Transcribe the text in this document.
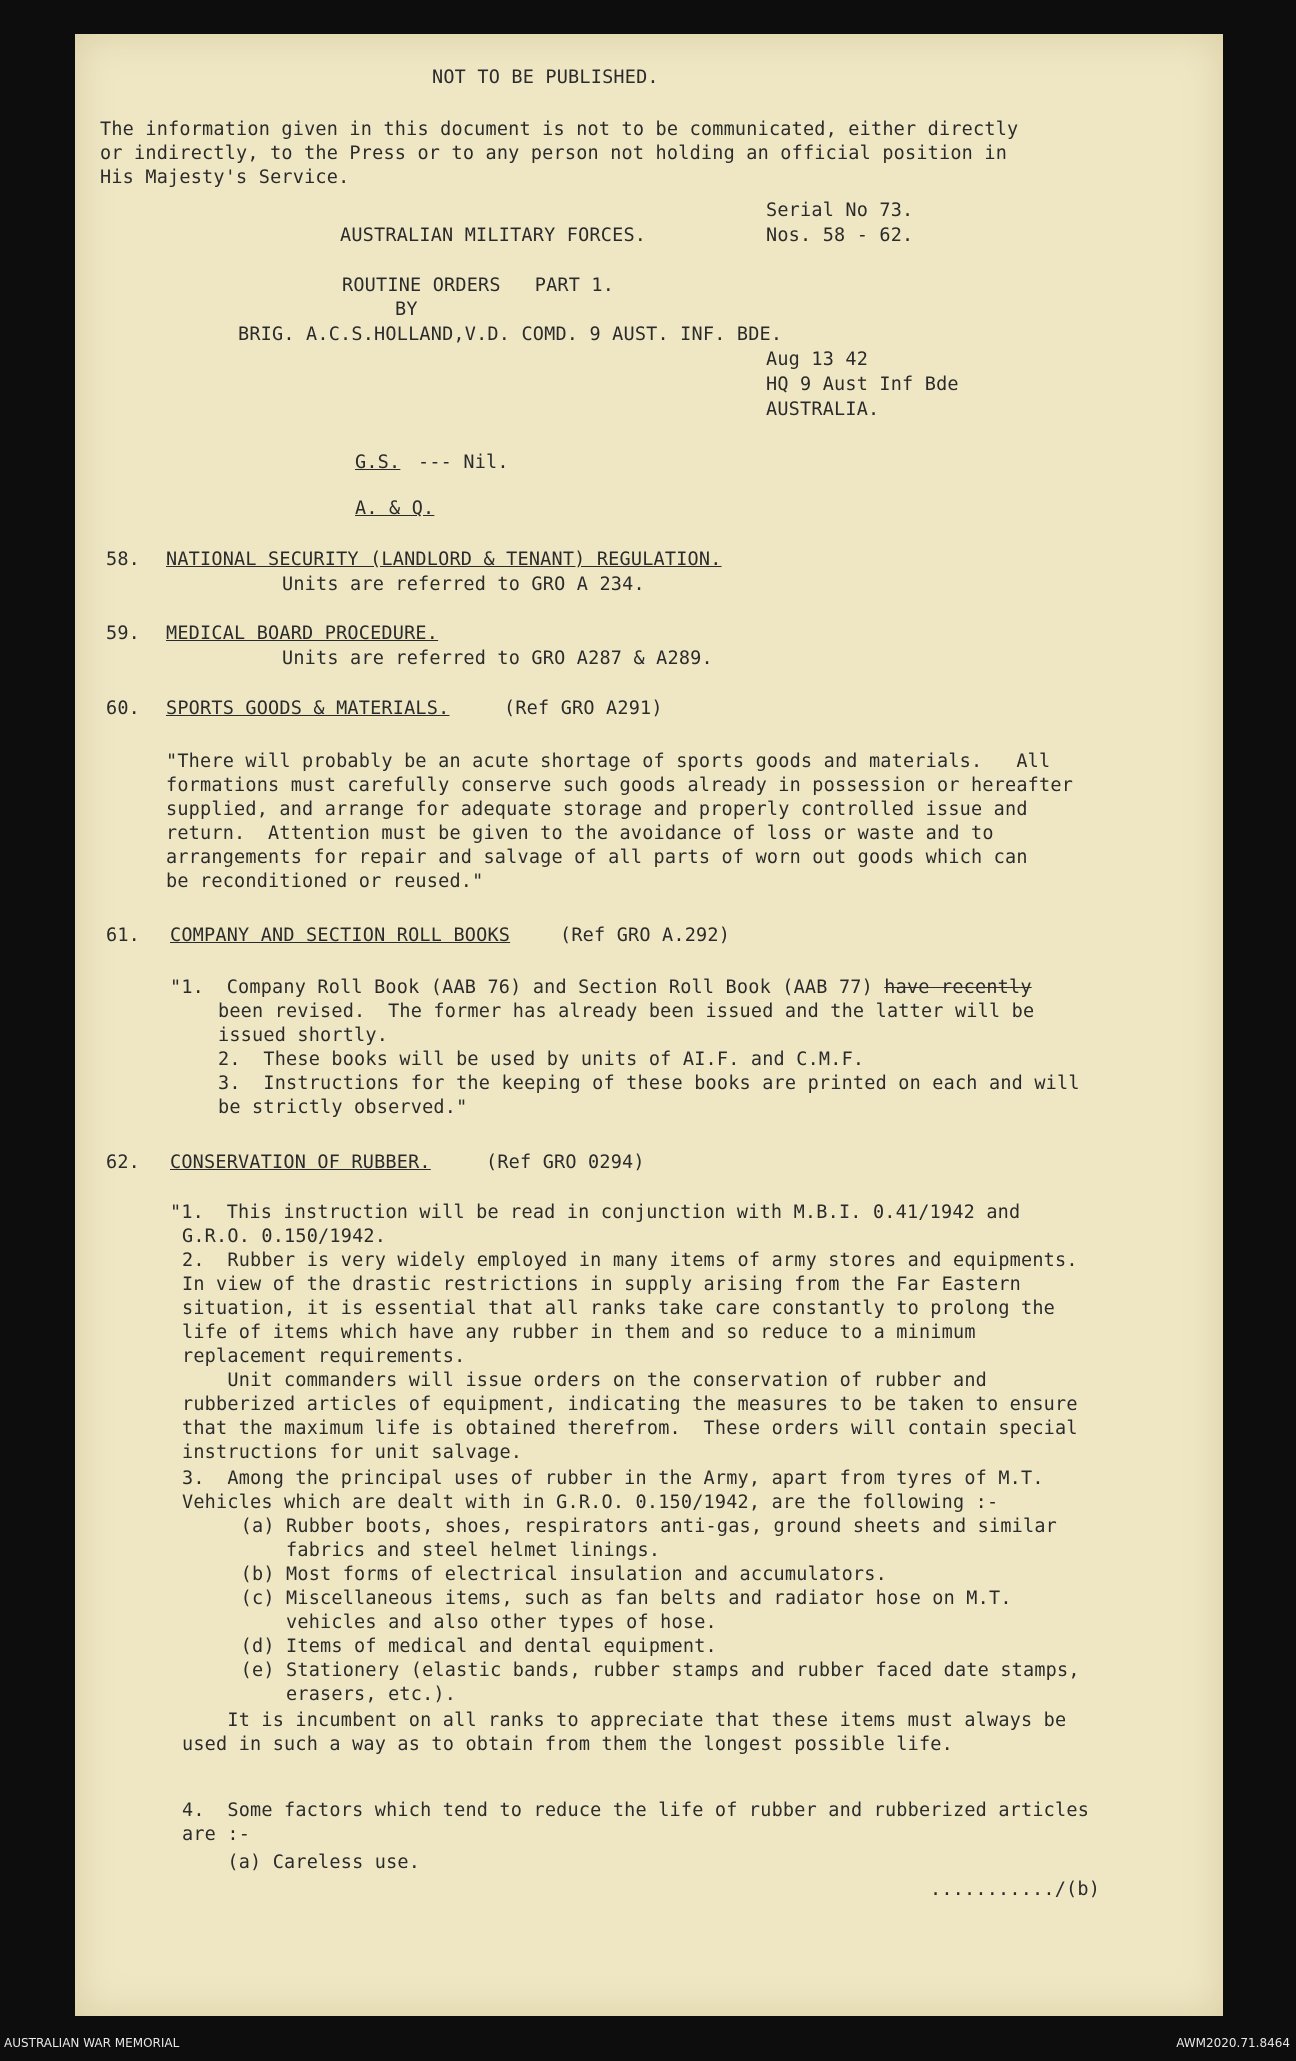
NOT TO BE PUBLISHED.
The information given in this document is not to be communicated, either directly
or indirectly, to the Press or to any person not holding an official position in
His Majesty's Service.
Serial No 73.
AUSTRALIAN MILITARY FORCES.	Nos. 58 - 62.
ROUTINE ORDERS   PART 1.
BY
BRIG. A.C.S.HOLLAND,V.D. COMD. 9 AUST. INF. BDE.
Aug 13 42
HQ 9 Aust Inf Bde
AUSTRALIA.
G.S. --- Nil.
A. & Q.
58. NATIONAL SECURITY (LANDLORD & TENANT) REGULATION.
Units are referred to GRO A 234.
59. MEDICAL BOARD PROCEDURE.
Units are referred to GRO A287 & A289.
60. SPORTS GOODS & MATERIALS.	(Ref GRO A291)
"There will probably be an acute shortage of sports goods and materials.   All
formations must carefully conserve such goods already in possession or hereafter
supplied, and arrange for adequate storage and properly controlled issue and
return.  Attention must be given to the avoidance of loss or waste and to
arrangements for repair and salvage of all parts of worn out goods which can
be reconditioned or reused."
61. COMPANY AND SECTION ROLL BOOKS	(Ref GRO A.292)
"1.  Company Roll Book (AAB 76) and Section Roll Book (AAB 77) have recently
been revised.  The former has already been issued and the latter will be
issued shortly.
2.  These books will be used by units of AI.F. and C.M.F.
3.  Instructions for the keeping of these books are printed on each and will
be strictly observed."
62. CONSERVATION OF RUBBER.	(Ref GRO 0294)
"1.  This instruction will be read in conjunction with M.B.I. 0.41/1942 and
G.R.O. 0.150/1942.
2.  Rubber is very widely employed in many items of army stores and equipments.
In view of the drastic restrictions in supply arising from the Far Eastern
situation, it is essential that all ranks take care constantly to prolong the
life of items which have any rubber in them and so reduce to a minimum
replacement requirements.
Unit commanders will issue orders on the conservation of rubber and
rubberized articles of equipment, indicating the measures to be taken to ensure
that the maximum life is obtained therefrom.  These orders will contain special
instructions for unit salvage.
3.  Among the principal uses of rubber in the Army, apart from tyres of M.T.
Vehicles which are dealt with in G.R.O. 0.150/1942, are the following :-
(a) Rubber boots, shoes, respirators anti-gas, ground sheets and similar
fabrics and steel helmet linings.
(b) Most forms of electrical insulation and accumulators.
(c) Miscellaneous items, such as fan belts and radiator hose on M.T.
vehicles and also other types of hose.
(d) Items of medical and dental equipment.
(e) Stationery (elastic bands, rubber stamps and rubber faced date stamps,
erasers, etc.).
It is incumbent on all ranks to appreciate that these items must always be
used in such a way as to obtain from them the longest possible life.
4.  Some factors which tend to reduce the life of rubber and rubberized articles
are :-
(a) Careless use.
.........../(b)
AUSTRALIAN WAR MEMORIAL	AWM2020.71.8464
